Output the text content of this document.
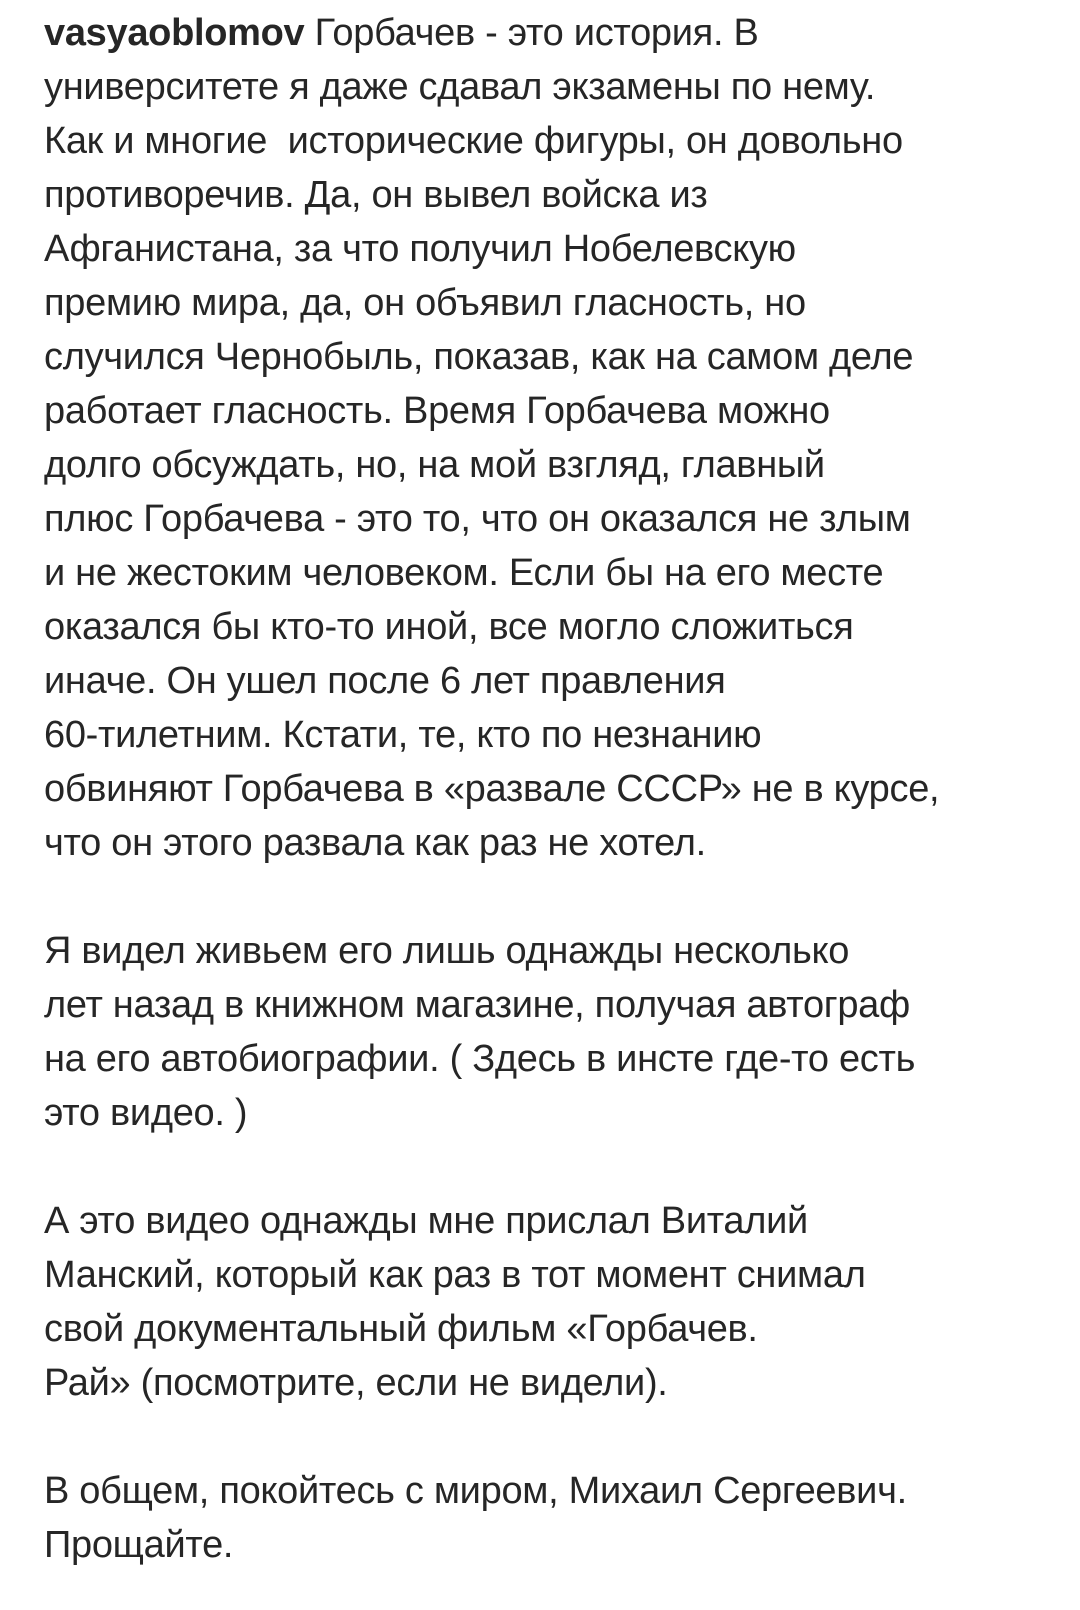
vasyaoblomov Горбачев - это история. В
университете я даже сдавал экзамены по нему.
Как и многие  исторические фигуры, он довольно
противоречив. Да, он вывел войска из
Афганистана, за что получил Нобелевскую
премию мира, да, он объявил гласность, но
случился Чернобыль, показав, как на самом деле
работает гласность. Время Горбачева можно
долго обсуждать, но, на мой взгляд, главный
плюс Горбачева - это то, что он оказался не злым
и не жестоким человеком. Если бы на его месте
оказался бы кто-то иной, все могло сложиться
иначе. Он ушел после 6 лет правления
60-тилетним. Кстати, те, кто по незнанию
обвиняют Горбачева в «развале СССР» не в курсе,
что он этого развала как раз не хотел.

Я видел живьем его лишь однажды несколько
лет назад в книжном магазине, получая автограф
на его автобиографии. ( Здесь в инсте где-то есть
это видео. )

А это видео однажды мне прислал Виталий
Манский, который как раз в тот момент снимал
свой документальный фильм «Горбачев.
Рай» (посмотрите, если не видели).

В общем, покойтесь с миром, Михаил Сергеевич.
Прощайте.
